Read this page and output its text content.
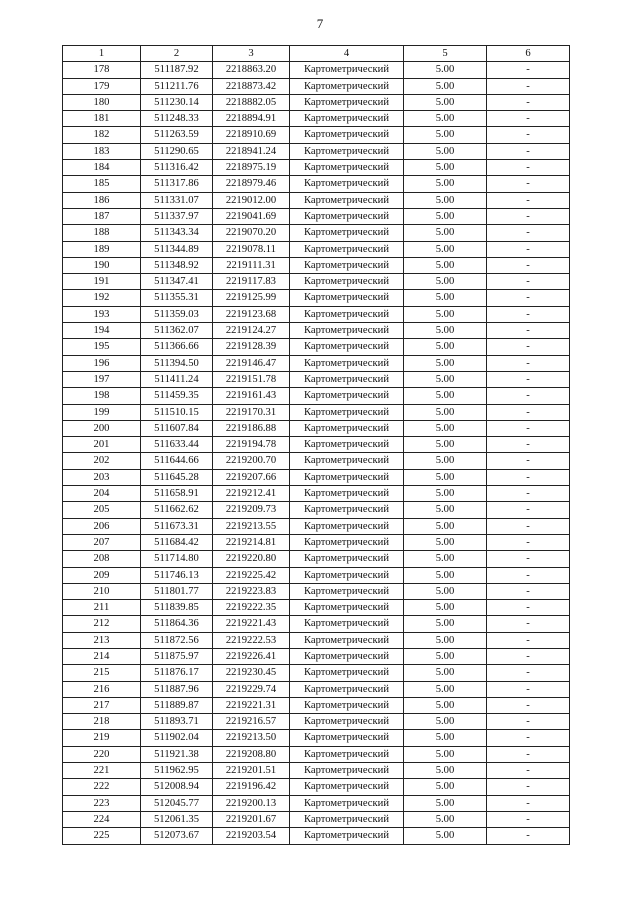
7
1	2	3	4	5	6
178	511187.92	2218863.20	Картометрический	5.00	-
179	511211.76	2218873.42	Картометрический	5.00	-
180	511230.14	2218882.05	Картометрический	5.00	-
181	511248.33	2218894.91	Картометрический	5.00	-
182	511263.59	2218910.69	Картометрический	5.00	-
183	511290.65	2218941.24	Картометрический	5.00	-
184	511316.42	2218975.19	Картометрический	5.00	-
185	511317.86	2218979.46	Картометрический	5.00	-
186	511331.07	2219012.00	Картометрический	5.00	-
187	511337.97	2219041.69	Картометрический	5.00	-
188	511343.34	2219070.20	Картометрический	5.00	-
189	511344.89	2219078.11	Картометрический	5.00	-
190	511348.92	2219111.31	Картометрический	5.00	-
191	511347.41	2219117.83	Картометрический	5.00	-
192	511355.31	2219125.99	Картометрический	5.00	-
193	511359.03	2219123.68	Картометрический	5.00	-
194	511362.07	2219124.27	Картометрический	5.00	-
195	511366.66	2219128.39	Картометрический	5.00	-
196	511394.50	2219146.47	Картометрический	5.00	-
197	511411.24	2219151.78	Картометрический	5.00	-
198	511459.35	2219161.43	Картометрический	5.00	-
199	511510.15	2219170.31	Картометрический	5.00	-
200	511607.84	2219186.88	Картометрический	5.00	-
201	511633.44	2219194.78	Картометрический	5.00	-
202	511644.66	2219200.70	Картометрический	5.00	-
203	511645.28	2219207.66	Картометрический	5.00	-
204	511658.91	2219212.41	Картометрический	5.00	-
205	511662.62	2219209.73	Картометрический	5.00	-
206	511673.31	2219213.55	Картометрический	5.00	-
207	511684.42	2219214.81	Картометрический	5.00	-
208	511714.80	2219220.80	Картометрический	5.00	-
209	511746.13	2219225.42	Картометрический	5.00	-
210	511801.77	2219223.83	Картометрический	5.00	-
211	511839.85	2219222.35	Картометрический	5.00	-
212	511864.36	2219221.43	Картометрический	5.00	-
213	511872.56	2219222.53	Картометрический	5.00	-
214	511875.97	2219226.41	Картометрический	5.00	-
215	511876.17	2219230.45	Картометрический	5.00	-
216	511887.96	2219229.74	Картометрический	5.00	-
217	511889.87	2219221.31	Картометрический	5.00	-
218	511893.71	2219216.57	Картометрический	5.00	-
219	511902.04	2219213.50	Картометрический	5.00	-
220	511921.38	2219208.80	Картометрический	5.00	-
221	511962.95	2219201.51	Картометрический	5.00	-
222	512008.94	2219196.42	Картометрический	5.00	-
223	512045.77	2219200.13	Картометрический	5.00	-
224	512061.35	2219201.67	Картометрический	5.00	-
225	512073.67	2219203.54	Картометрический	5.00	-
